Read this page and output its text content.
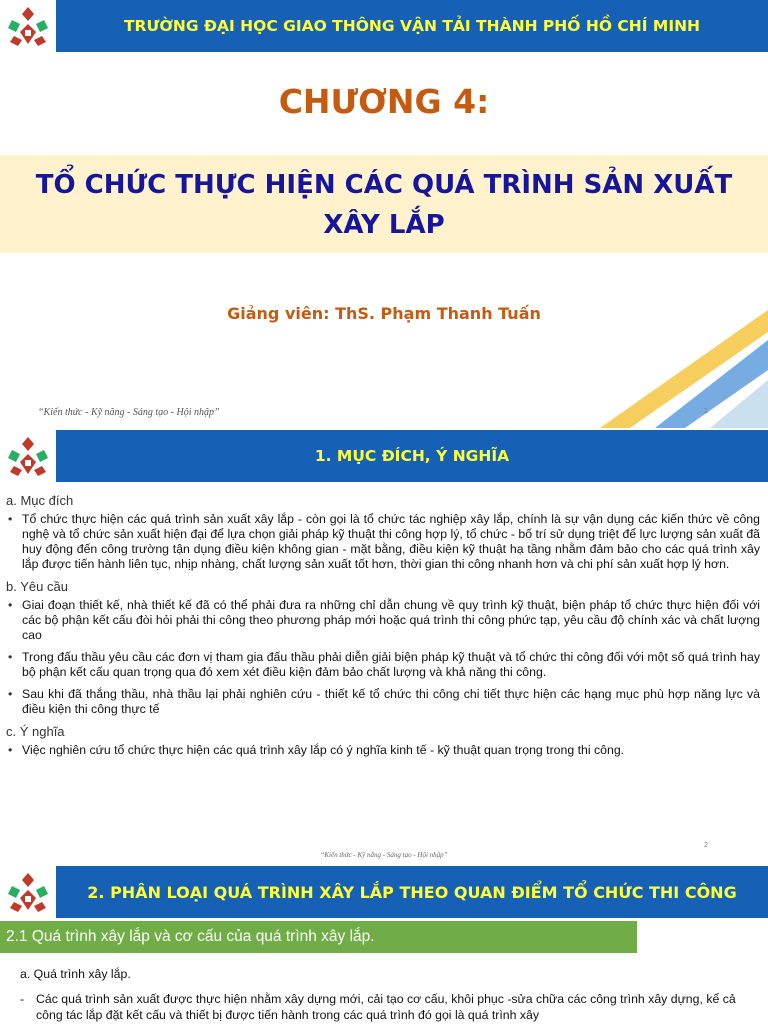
TRƯỜNG ĐẠI HỌC GIAO THÔNG VẬN TẢI THÀNH PHỐ HỒ CHÍ MINH
CHƯƠNG 4:
TỔ CHỨC THỰC HIỆN CÁC QUÁ TRÌNH SẢN XUẤT XÂY LẮP
Giảng viên: ThS. Phạm Thanh Tuấn
“Kiến thức - Kỹ năng - Sáng tạo - Hội nhập”	1
1. MỤC ĐÍCH, Ý NGHĨA
a. Mục đích
• Tổ chức thực hiện các quá trình sản xuất xây lắp - còn gọi là tổ chức tác nghiệp xây lắp, chính là sự vận dụng các kiến thức về công nghệ và tổ chức sản xuất hiện đại để lựa chọn giải pháp kỹ thuật thi công hợp lý, tổ chức - bố trí sử dụng triệt để lực lượng sản xuất đã huy động đến công trường tận dụng điều kiện không gian - mặt bằng, điều kiện kỹ thuật hạ tầng nhằm đảm bảo cho các quá trình xây lắp được tiến hành liên tục, nhịp nhàng, chất lượng sản xuất tốt hơn, thời gian thi công nhanh hơn và chi phí sản xuất hợp lý hơn.
b. Yêu cầu
• Giai đoạn thiết kế, nhà thiết kế đã có thể phải đưa ra những chỉ dẫn chung về quy trình kỹ thuật, biện pháp tổ chức thực hiện đối với các bộ phận kết cấu đòi hỏi phải thi công theo phương pháp mới hoặc quá trình thi công phức tạp, yêu cầu độ chính xác và chất lượng cao
• Trong đấu thầu yêu cầu các đơn vị tham gia đấu thầu phải diễn giải biện pháp kỹ thuật và tổ chức thi công đối với một số quá trình hay bộ phận kết cấu quan trọng qua đó xem xét điều kiện đảm bảo chất lượng và khả năng thi công.
• Sau khi đã thắng thầu, nhà thầu lại phải nghiên cứu - thiết kế tổ chức thi công chi tiết thực hiện các hạng mục phù hợp năng lực và điều kiện thi công thực tế
c. Ý nghĩa
• Việc nghiên cứu tổ chức thực hiện các quá trình xây lắp có ý nghĩa kinh tế - kỹ thuật quan trọng trong thi công.
“Kiến thức - Kỹ năng - Sáng tạo - Hội nhập”
2
2. PHÂN LOẠI QUÁ TRÌNH XÂY LẮP THEO QUAN ĐIỂM TỔ CHỨC THI CÔNG
2.1 Quá trình xây lắp và cơ cấu của quá trình xây lắp.
a. Quá trình xây lắp.
- Các quá trình sản xuất được thực hiện nhằm xây dựng mới, cải tạo cơ cấu, khôi phục -sửa chữa các công trình xây dựng, kể cả công tác lắp đặt kết cấu và thiết bị được tiến hành trong các quá trình đó gọi là quá trình xây
